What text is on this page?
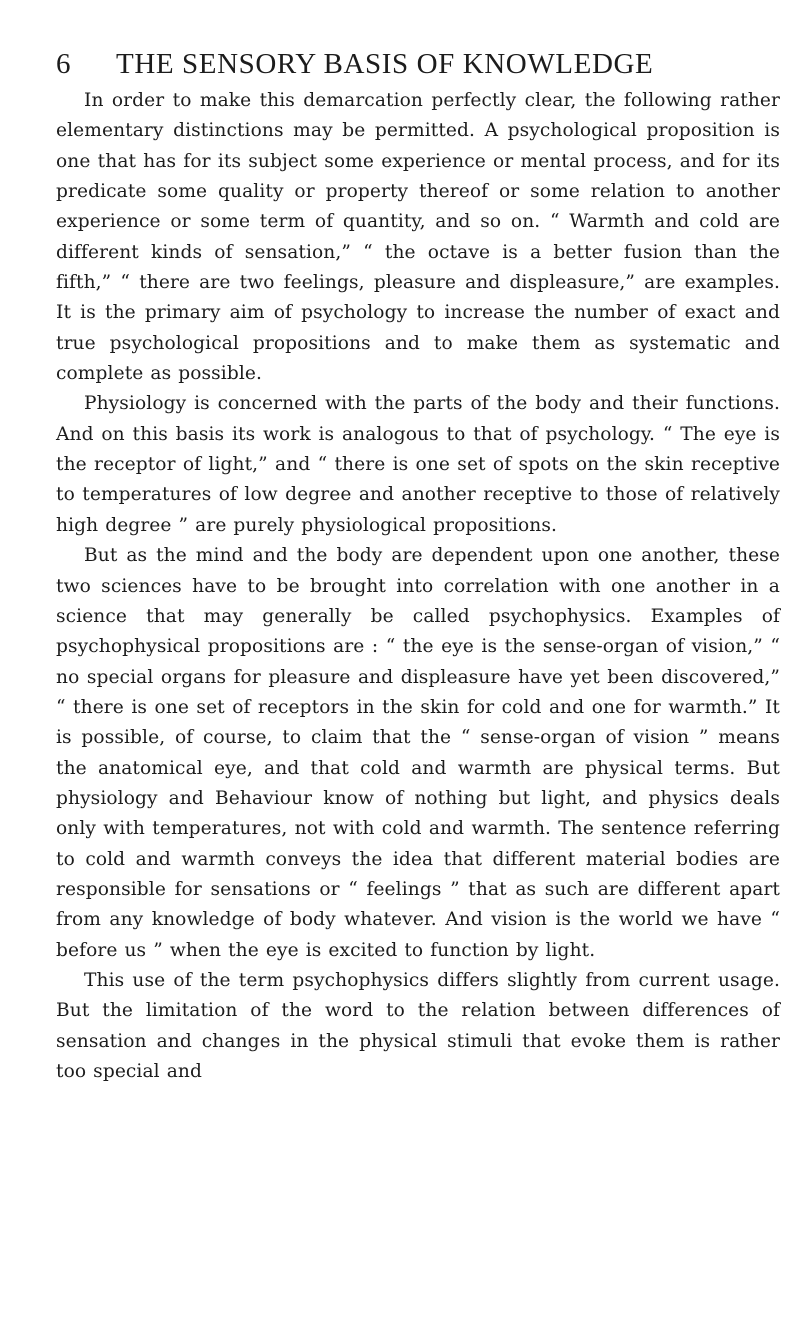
6	THE SENSORY BASIS OF KNOWLEDGE

In order to make this demarcation perfectly clear, the following rather elementary distinctions may be permitted. A psychological proposition is one that has for its subject some experience or mental process, and for its predicate some quality or property thereof or some relation to another experience or some term of quantity, and so on. “ Warmth and cold are different kinds of sensation,” “ the octave is a better fusion than the fifth,” “ there are two feelings, pleasure and displeasure,” are examples. It is the primary aim of psychology to increase the number of exact and true psychological propositions and to make them as systematic and complete as possible.

Physiology is concerned with the parts of the body and their functions. And on this basis its work is analogous to that of psychology. “ The eye is the receptor of light,” and “ there is one set of spots on the skin receptive to temperatures of low degree and another receptive to those of relatively high degree ” are purely physiological propositions.

But as the mind and the body are dependent upon one another, these two sciences have to be brought into correlation with one another in a science that may generally be called psychophysics. Examples of psychophysical propositions are : “ the eye is the sense-organ of vision,” “ no special organs for pleasure and displeasure have yet been discovered,” “ there is one set of receptors in the skin for cold and one for warmth.” It is possible, of course, to claim that the “ sense-organ of vision ” means the anatomical eye, and that cold and warmth are physical terms. But physiology and Behaviour know of nothing but light, and physics deals only with temperatures, not with cold and warmth. The sentence referring to cold and warmth conveys the idea that different material bodies are responsible for sensations or “ feelings ” that as such are different apart from any knowledge of body whatever. And vision is the world we have “ before us ” when the eye is excited to function by light.

This use of the term psychophysics differs slightly from current usage. But the limitation of the word to the relation between differences of sensation and changes in the physical stimuli that evoke them is rather too special and
